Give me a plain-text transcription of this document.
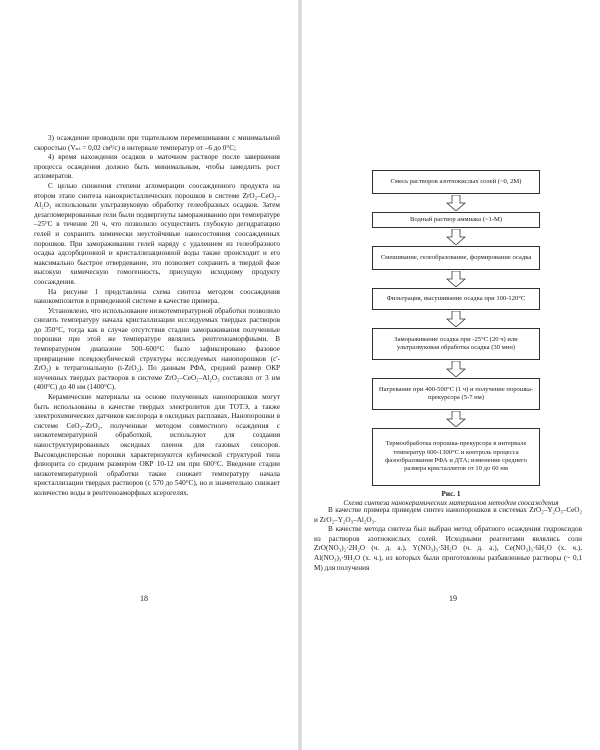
3) осаждение проводили при тщательном перемешивании с минимальной скоростью (Vₙₜ = 0,02 см³/с) в интервале температур от –6 до 0°С;

4) время нахождения осадков в маточном растворе после завершения процесса осаждения должно быть минимальным, чтобы замедлить рост агломератов.

С целью снижения степени агломерации соосажденного продукта на втором этапе синтеза нанокристаллических порошков в системе ZrO₂–CeO₂–Al₂O₃ использовали ультразвуковую обработку гелеобразных осадков. Затем дезагломерированные гели были подвергнуты замораживанию при температуре –25°С в течение 20 ч, что позволило осуществить глубокую дегидратацию гелей и сохранить химически неустойчивые наносостояния соосажденных порошков. При замораживании гелей наряду с удалением из гелеобразного осадка адсорбционной и кристаллизационной воды также происходит и его максимально быстрое отвердевание, это позволяет сохранить в твердой фазе высокую химическую гомогенность, присущую исходному продукту соосаждения.

На рисунке 1 представлена схема синтеза методом соосаждения нанокомпозитов в приведенной системе в качестве примера.

Установлено, что использование низкотемпературной обработки позволило снизить температуру начала кристаллизации исследуемых твердых растворов до 350°С, тогда как в случае отсутствия стадии замораживания полученные порошки при этой же температуре являлись рентгеноаморфными. В температурном диапазоне 500–600°С было зафиксировано фазовое превращение псевдокубической структуры исследуемых нанопорошков (c'-ZrO₂) в тетрагональную (t-ZrO₂). По данным РФА, средний размер ОКР изученных твердых растворов в системе ZrO₂–CeO₂–Al₂O₃ составлял от 3 нм (400°С) до 40 нм (1400°С).

Керамические материалы на основе полученных нанопорошков могут быть использованы в качестве твердых электролитов для ТОТЭ, а также электрохимических датчиков кислорода в оксидных расплавах. Нанопорошки в системе CeO₂–ZrO₂, полученные методом совместного осаждения с низкотемпературной обработкой, используют для создания наноструктурированных оксидных пленок для газовых сенсоров. Высокодисперсные порошки характеризуются кубической структурой типа флюорита со средним размером ОКР 10-12 нм при 600°С. Введение стадии низкотемпературной обработки также снижает температуру начала кристаллизации твердых растворов (с 570 до 540°С), но и значительно снижает количество воды в рентгеноаморфных ксерогелях.

18
Смесь растворов азотнокислых солей (~0, 2М)
Водный раствор аммиака (~1-М)
Смешивание, гелеобразование, формирование осадка
Фильтрация, высушивание осадка при 100-120°С
Замораживание осадка при -25°С (20 ч) или ультразвуковая обработка осадка (30 мин)
Нагревание при 400-500°С (1 ч) и получение порошка-прекурсора (5-7 нм)
Термообработка порошка-прекурсора в интервале температур 600-1300°С и контроль процесса фазообразования РФА и ДТА; изменение среднего размера кристаллитов от 10 до 60 нм
Рис. 1
Схема синтеза нанокерамических материалов методом соосаждения

В качестве примера приведем синтез нанопорошков в системах ZrO₂–Y₂O₃–CeO₂ и ZrO₂–Y₂O₃–Al₂O₃.

В качестве метода синтеза был выбран метод обратного осаждения гидроксидов из растворов азотнокислых солей. Исходными реагентами являлись соли ZrO(NO₃)₂·2H₂O (ч. д. а.), Y(NO₃)₃·5H₂O (ч. д. а.), Ce(NO₃)₃·6H₂O (х. ч.), Al(NO₃)₃·9H₂O (х. ч.), из которых были приготовлены разбавленные растворы (~ 0,1 М) для получения

19
